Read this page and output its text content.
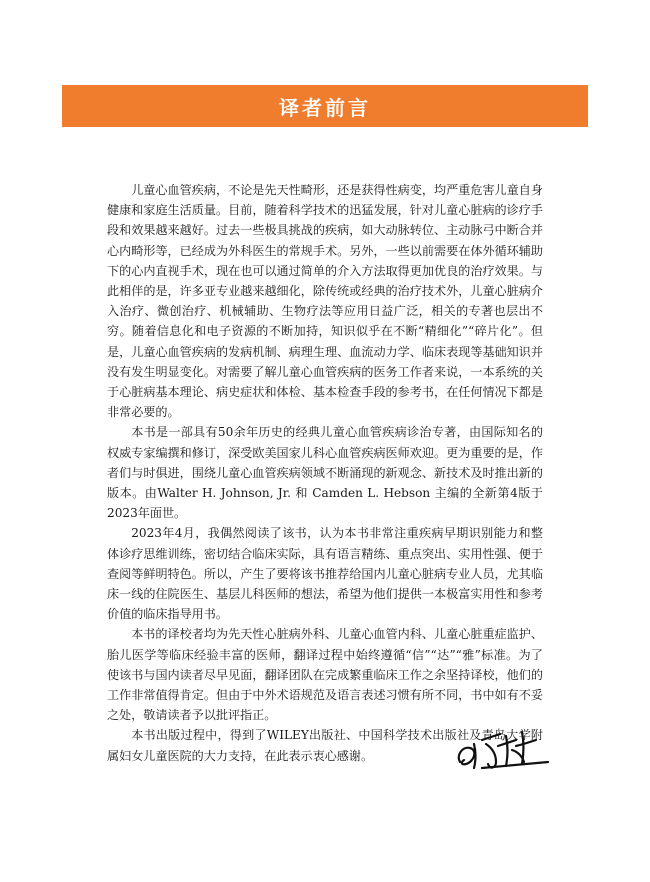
译者前言

儿童心血管疾病，不论是先天性畸形，还是获得性病变，均严重危害儿童自身健康和家庭生活质量。目前，随着科学技术的迅猛发展，针对儿童心脏病的诊疗手段和效果越来越好。过去一些极具挑战的疾病，如大动脉转位、主动脉弓中断合并心内畸形等，已经成为外科医生的常规手术。另外，一些以前需要在体外循环辅助下的心内直视手术，现在也可以通过简单的介入方法取得更加优良的治疗效果。与此相伴的是，许多亚专业越来越细化，除传统或经典的治疗技术外，儿童心脏病介入治疗、微创治疗、机械辅助、生物疗法等应用日益广泛，相关的专著也层出不穷。随着信息化和电子资源的不断加持，知识似乎在不断“精细化”“碎片化”。但是，儿童心血管疾病的发病机制、病理生理、血流动力学、临床表现等基础知识并没有发生明显变化。对需要了解儿童心血管疾病的医务工作者来说，一本系统的关于心脏病基本理论、病史症状和体检、基本检查手段的参考书，在任何情况下都是非常必要的。

本书是一部具有50余年历史的经典儿童心血管疾病诊治专著，由国际知名的权威专家编撰和修订，深受欧美国家儿科心血管疾病医师欢迎。更为重要的是，作者们与时俱进，围绕儿童心血管疾病领域不断涌现的新观念、新技术及时推出新的版本。由Walter H. Johnson, Jr. 和 Camden L. Hebson 主编的全新第4版于2023年面世。

2023年4月，我偶然阅读了该书，认为本书非常注重疾病早期识别能力和整体诊疗思维训练，密切结合临床实际，具有语言精练、重点突出、实用性强、便于查阅等鲜明特色。所以，产生了要将该书推荐给国内儿童心脏病专业人员，尤其临床一线的住院医生、基层儿科医师的想法，希望为他们提供一本极富实用性和参考价值的临床指导用书。

本书的译校者均为先天性心脏病外科、儿童心血管内科、儿童心脏重症监护、胎儿医学等临床经验丰富的医师，翻译过程中始终遵循“信”“达”“雅”标准。为了使该书与国内读者尽早见面，翻译团队在完成繁重临床工作之余坚持译校，他们的工作非常值得肯定。但由于中外术语规范及语言表述习惯有所不同，书中如有不妥之处，敬请读者予以批评指正。

本书出版过程中，得到了WILEY出版社、中国科学技术出版社及青岛大学附属妇女儿童医院的大力支持，在此表示衷心感谢。
